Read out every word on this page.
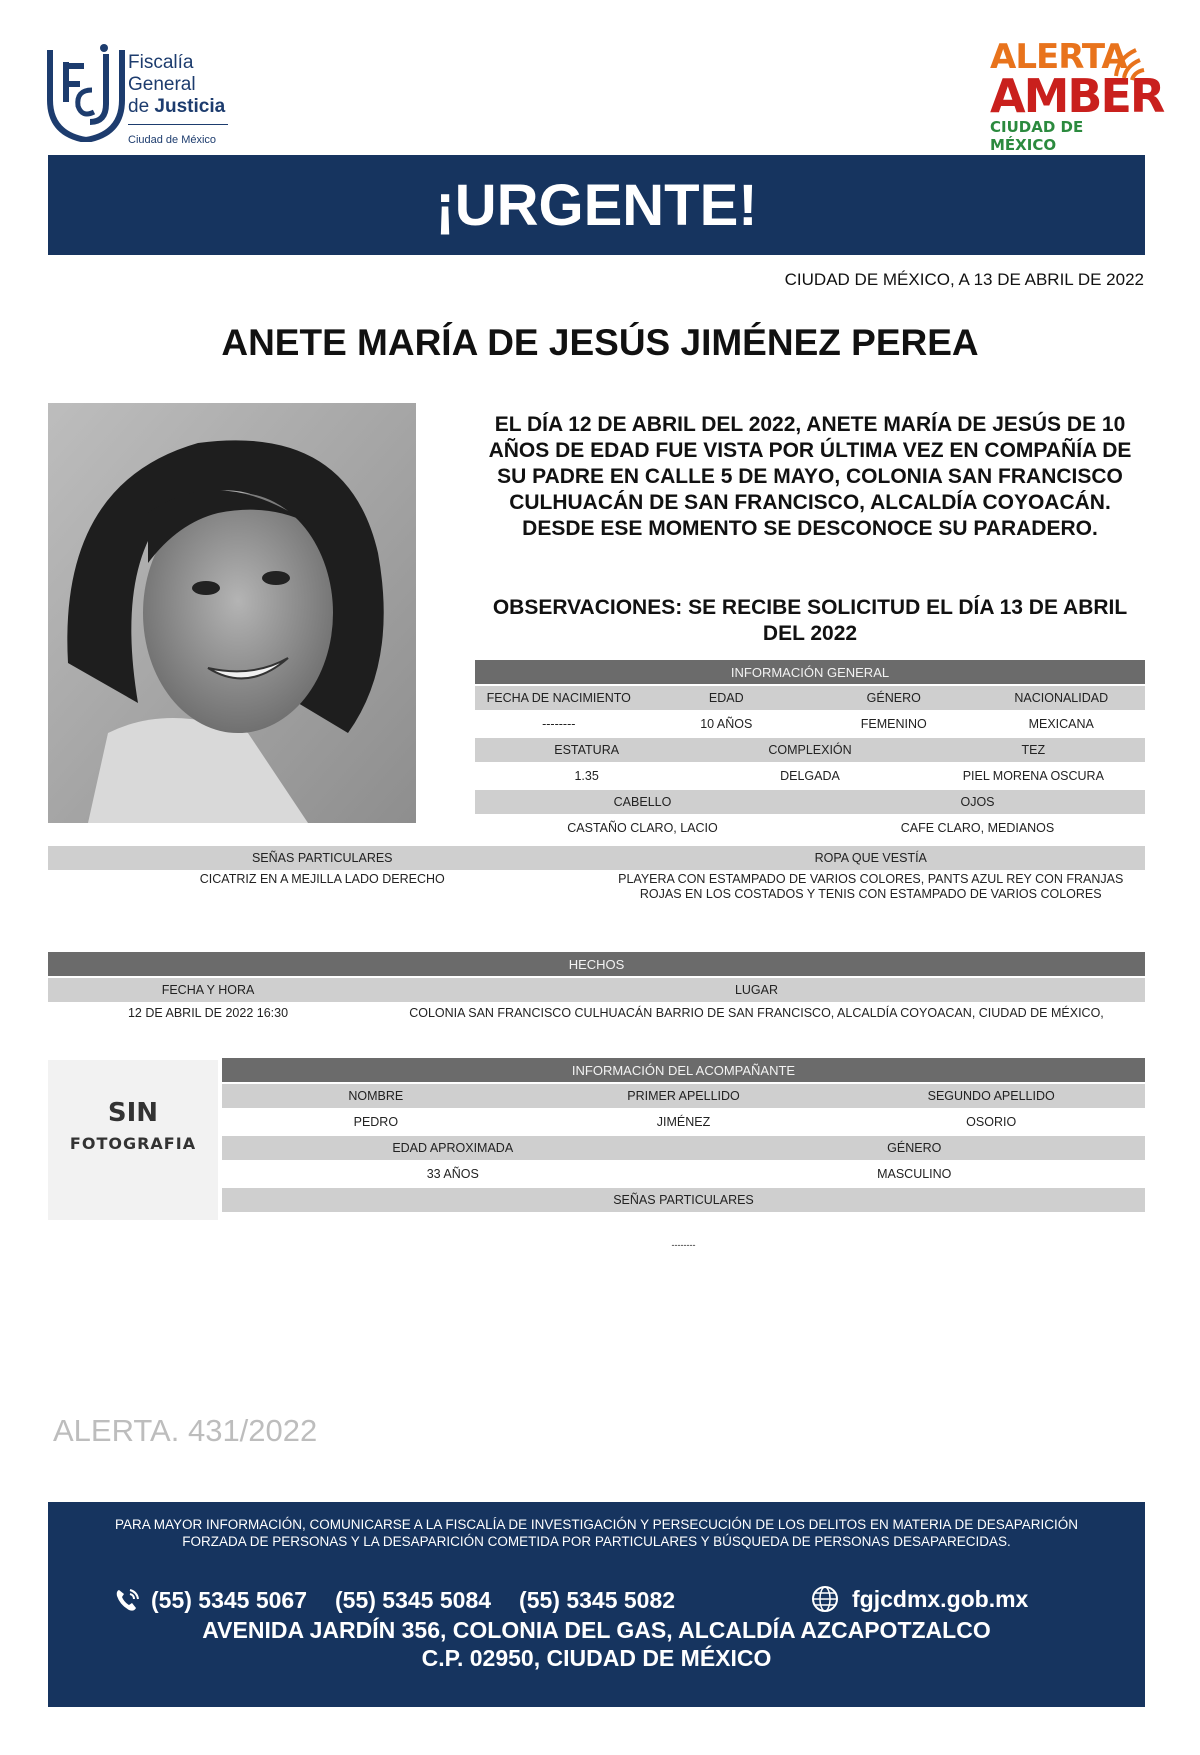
Fiscalía
General
de Justicia
Ciudad de México
ALERTA
AMBER
CIUDAD DE MÉXICO
¡URGENTE!
CIUDAD DE MÉXICO, A 13 DE ABRIL DE 2022
ANETE MARÍA DE JESÚS JIMÉNEZ PEREA
EL DÍA 12 DE ABRIL DEL 2022, ANETE MARÍA DE JESÚS DE 10 AÑOS DE EDAD FUE VISTA POR ÚLTIMA VEZ EN COMPAÑÍA DE SU PADRE EN CALLE 5 DE MAYO, COLONIA SAN FRANCISCO CULHUACÁN DE SAN FRANCISCO, ALCALDÍA COYOACÁN. DESDE ESE MOMENTO SE DESCONOCE SU PARADERO.
OBSERVACIONES: SE RECIBE SOLICITUD EL DÍA 13 DE ABRIL DEL 2022
INFORMACIÓN GENERAL
FECHA DE NACIMIENTO	EDAD	GÉNERO	NACIONALIDAD
--------	10 AÑOS	FEMENINO	MEXICANA
ESTATURA	COMPLEXIÓN	TEZ
1.35	DELGADA	PIEL MORENA OSCURA
CABELLO	OJOS
CASTAÑO CLARO, LACIO	CAFE CLARO, MEDIANOS
SEÑAS PARTICULARES	ROPA QUE VESTÍA
CICATRIZ EN A MEJILLA LADO DERECHO	PLAYERA CON ESTAMPADO DE VARIOS COLORES, PANTS AZUL REY CON FRANJAS
ROJAS EN LOS COSTADOS Y TENIS CON ESTAMPADO DE VARIOS COLORES
HECHOS
FECHA Y HORA	LUGAR
12 DE ABRIL DE 2022 16:30	COLONIA SAN FRANCISCO CULHUACÁN BARRIO DE SAN FRANCISCO, ALCALDÍA COYOACAN, CIUDAD DE MÉXICO,
SIN
FOTOGRAFIA
INFORMACIÓN DEL ACOMPAÑANTE
NOMBRE	PRIMER APELLIDO	SEGUNDO APELLIDO
PEDRO	JIMÉNEZ	OSORIO
EDAD APROXIMADA	GÉNERO
33 AÑOS	MASCULINO
SEÑAS PARTICULARES
--------
ALERTA. 431/2022
PARA MAYOR INFORMACIÓN, COMUNICARSE A LA FISCALÍA DE INVESTIGACIÓN Y PERSECUCIÓN DE LOS DELITOS EN MATERIA DE DESAPARICIÓN
FORZADA DE PERSONAS Y LA DESAPARICIÓN COMETIDA POR PARTICULARES Y BÚSQUEDA DE PERSONAS DESAPARECIDAS.
(55) 5345 5067 (55) 5345 5084 (55) 5345 5082	fgjcdmx.gob.mx
AVENIDA JARDÍN 356, COLONIA DEL GAS, ALCALDÍA AZCAPOTZALCO
C.P. 02950, CIUDAD DE MÉXICO
